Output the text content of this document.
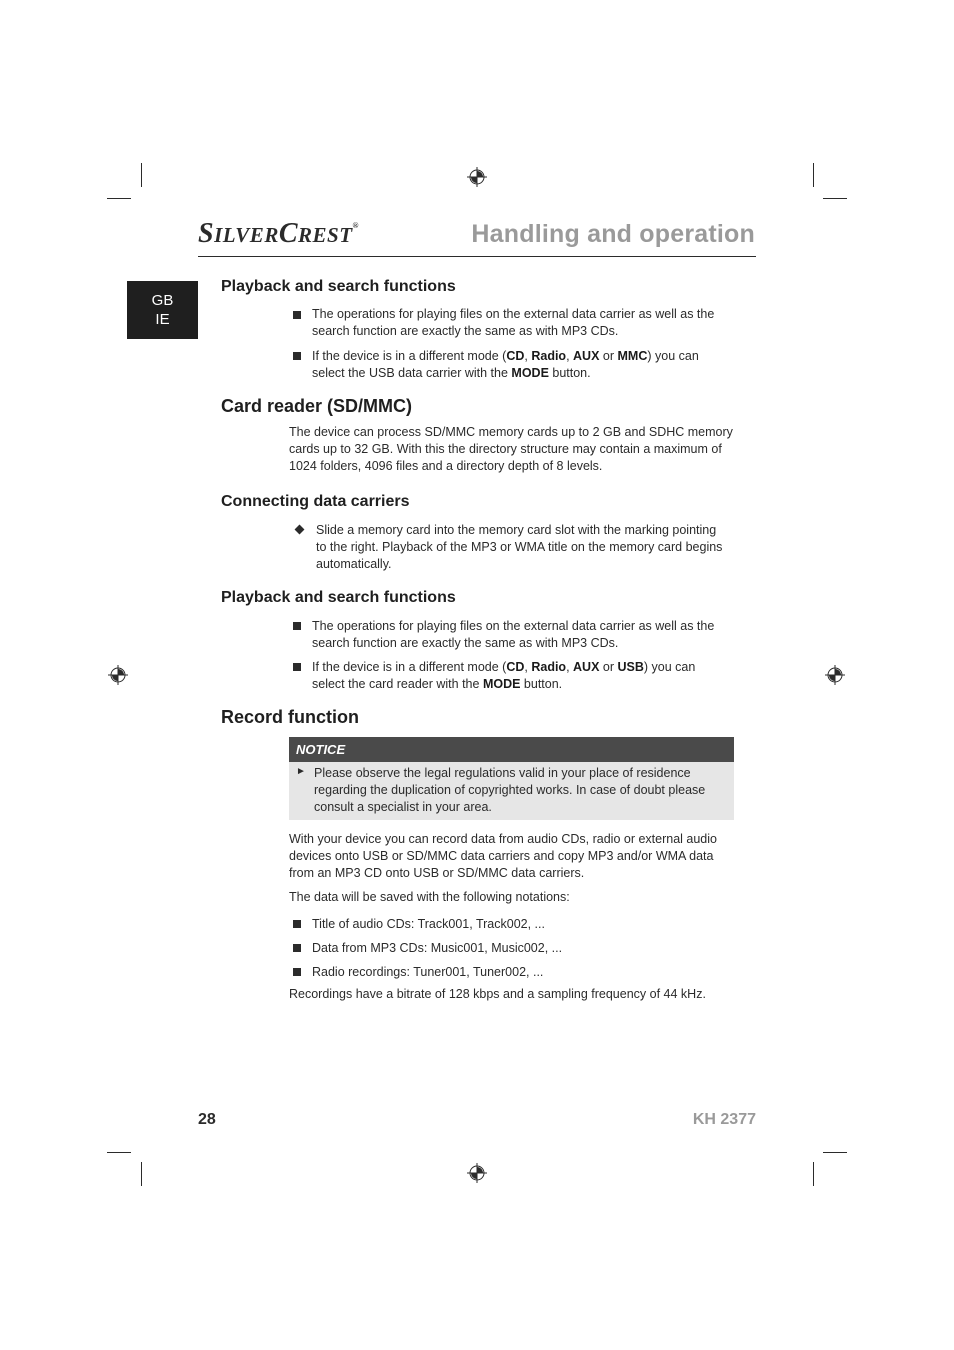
SILVERCREST®	Handling and operation
GB
IE
Playback and search functions
The operations for playing files on the external data carrier as well as the
search function are exactly the same as with MP3 CDs.
If the device is in a different mode (CD, Radio, AUX or MMC) you can
select the USB data carrier with the MODE button.
Card reader (SD/MMC)
The device can process SD/MMC memory cards up to 2 GB and SDHC memory
cards up to 32 GB. With this the directory structure may contain a maximum of
1024 folders, 4096 files and a directory depth of 8 levels.
Connecting data carriers
Slide a memory card into the memory card slot with the marking pointing
to the right. Playback of the MP3 or WMA title on the memory card begins
automatically.
Playback and search functions
The operations for playing files on the external data carrier as well as the
search function are exactly the same as with MP3 CDs.
If the device is in a different mode (CD, Radio, AUX or USB) you can
select the card reader with the MODE button.
Record function
NOTICE
► Please observe the legal regulations valid in your place of residence
regarding the duplication of copyrighted works. In case of doubt please
consult a specialist in your area.
With your device you can record data from audio CDs, radio or external audio
devices onto USB or SD/MMC data carriers and copy MP3 and/or WMA data
from an MP3 CD onto USB or SD/MMC data carriers.
The data will be saved with the following notations:
Title of audio CDs: Track001, Track002, ...
Data from MP3 CDs: Music001, Music002, ...
Radio recordings: Tuner001, Tuner002, ...
Recordings have a bitrate of 128 kbps and a sampling frequency of 44 kHz.
28	KH 2377
